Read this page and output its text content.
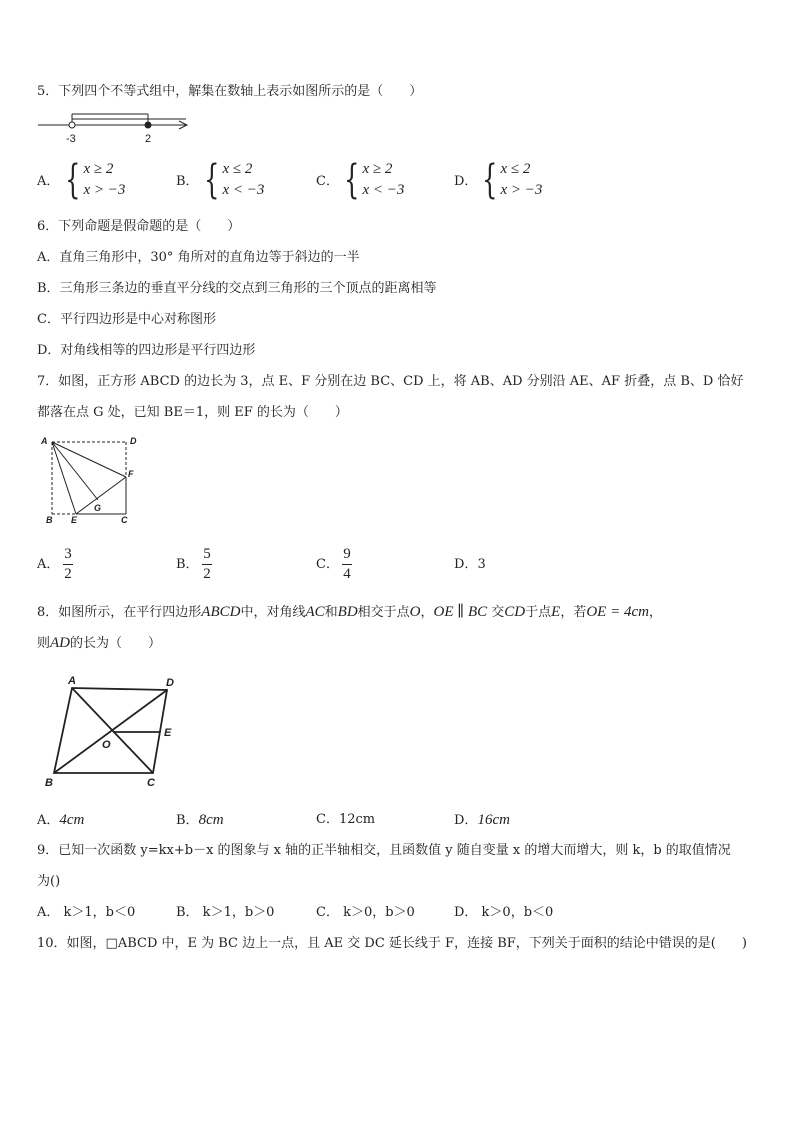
5．下列四个不等式组中，解集在数轴上表示如图所示的是（　　）
-3	2
A． { x ≥ 2
x > −3
B． { x ≤ 2
x < −3
C． { x ≥ 2
x < −3
D． { x ≤ 2
x > −3
6．下列命题是假命题的是（　　）
A．直角三角形中，30° 角所对的直角边等于斜边的一半
B．三角形三条边的垂直平分线的交点到三角形的三个顶点的距离相等
C．平行四边形是中心对称图形
D．对角线相等的四边形是平行四边形
7．如图，正方形 ABCD 的边长为 3，点 E、F 分别在边 BC、CD 上，将 AB、AD 分别沿 AE、AF 折叠，点 B、D 恰好
都落在点 G 处，已知 BE＝1，则 EF 的长为（　　）
A	D
F
B E
G
C
A．
3
2
B．
5
2
C．
9
4
D．3
8．如图所示，在平行四边形ABCD中，对角线AC和BD相交于点O，OE ∥ BC 交CD于点E，若OE = 4cm，
则AD的长为（　　）
A	D
E
O
B	C
A．4cm	B．8cm	C．12cm	D．16cm
9．已知一次函数 y=kx+b－x 的图象与 x 轴的正半轴相交，且函数值 y 随自变量 x 的增大而增大，则 k，b 的取值情况
为()
A． k＞1，b＜0	B． k＞1，b＞0	C． k＞0，b＞0	D． k＞0，b＜0
10．如图，□ABCD 中，E 为 BC 边上一点，且 AE 交 DC 延长线于 F，连接 BF，下列关于面积的结论中错误的是(　　)
